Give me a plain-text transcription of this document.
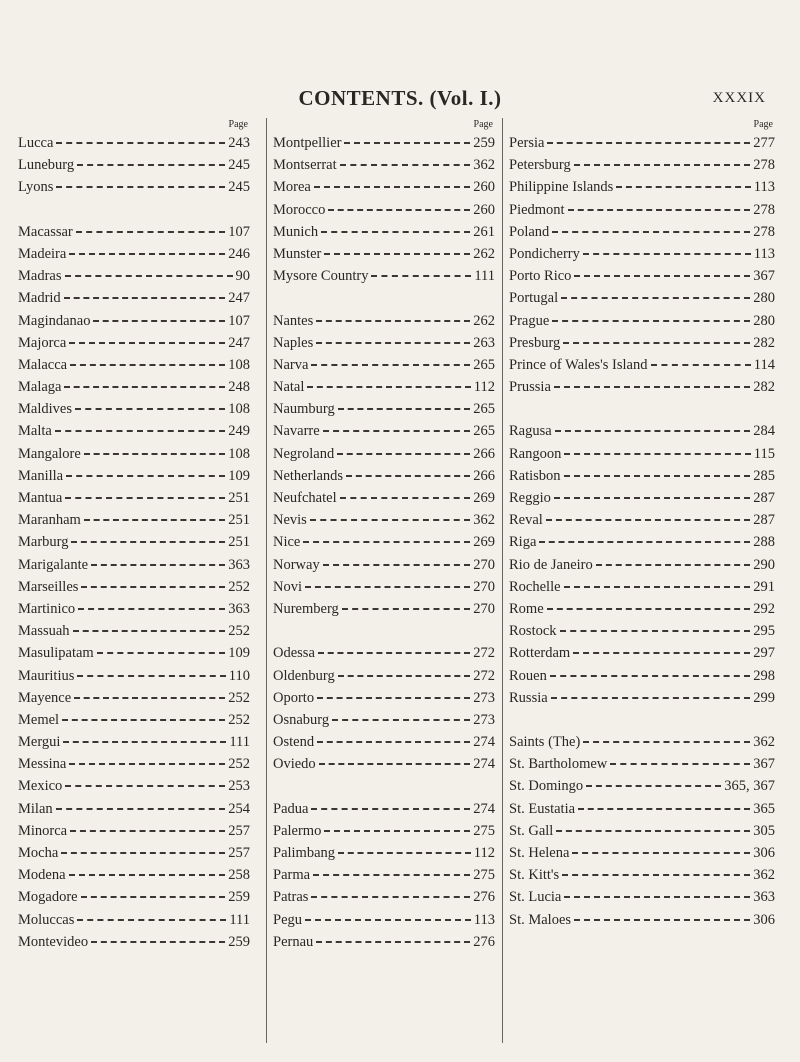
CONTENTS. (Vol. I.)	XXXIX
Page
Lucca	243
Luneburg	245
Lyons	245
Macassar	107
Madeira	246
Madras	90
Madrid	247
Magindanao	107
Majorca	247
Malacca	108
Malaga	248
Maldives	108
Malta	249
Mangalore	108
Manilla	109
Mantua	251
Maranham	251
Marburg	251
Marigalante	363
Marseilles	252
Martinico	363
Massuah	252
Masulipatam	109
Mauritius	110
Mayence	252
Memel	252
Mergui	111
Messina	252
Mexico	253
Milan	254
Minorca	257
Mocha	257
Modena	258
Mogadore	259
Moluccas	111
Montevideo	259
Page
Montpellier	259
Montserrat	362
Morea	260
Morocco	260
Munich	261
Munster	262
Mysore Country	111
Nantes	262
Naples	263
Narva	265
Natal	112
Naumburg	265
Navarre	265
Negroland	266
Netherlands	266
Neufchatel	269
Nevis	362
Nice	269
Norway	270
Novi	270
Nuremberg	270
Odessa	272
Oldenburg	272
Oporto	273
Osnaburg	273
Ostend	274
Oviedo	274
Padua	274
Palermo	275
Palimbang	112
Parma	275
Patras	276
Pegu	113
Pernau	276
Page
Persia	277
Petersburg	278
Philippine Islands	113
Piedmont	278
Poland	278
Pondicherry	113
Porto Rico	367
Portugal	280
Prague	280
Presburg	282
Prince of Wales's Island	114
Prussia	282
Ragusa	284
Rangoon	115
Ratisbon	285
Reggio	287
Reval	287
Riga	288
Rio de Janeiro	290
Rochelle	291
Rome	292
Rostock	295
Rotterdam	297
Rouen	298
Russia	299
Saints (The)	362
St. Bartholomew	367
St. Domingo	365, 367
St. Eustatia	365
St. Gall	305
St. Helena	306
St. Kitt's	362
St. Lucia	363
St. Maloes	306
